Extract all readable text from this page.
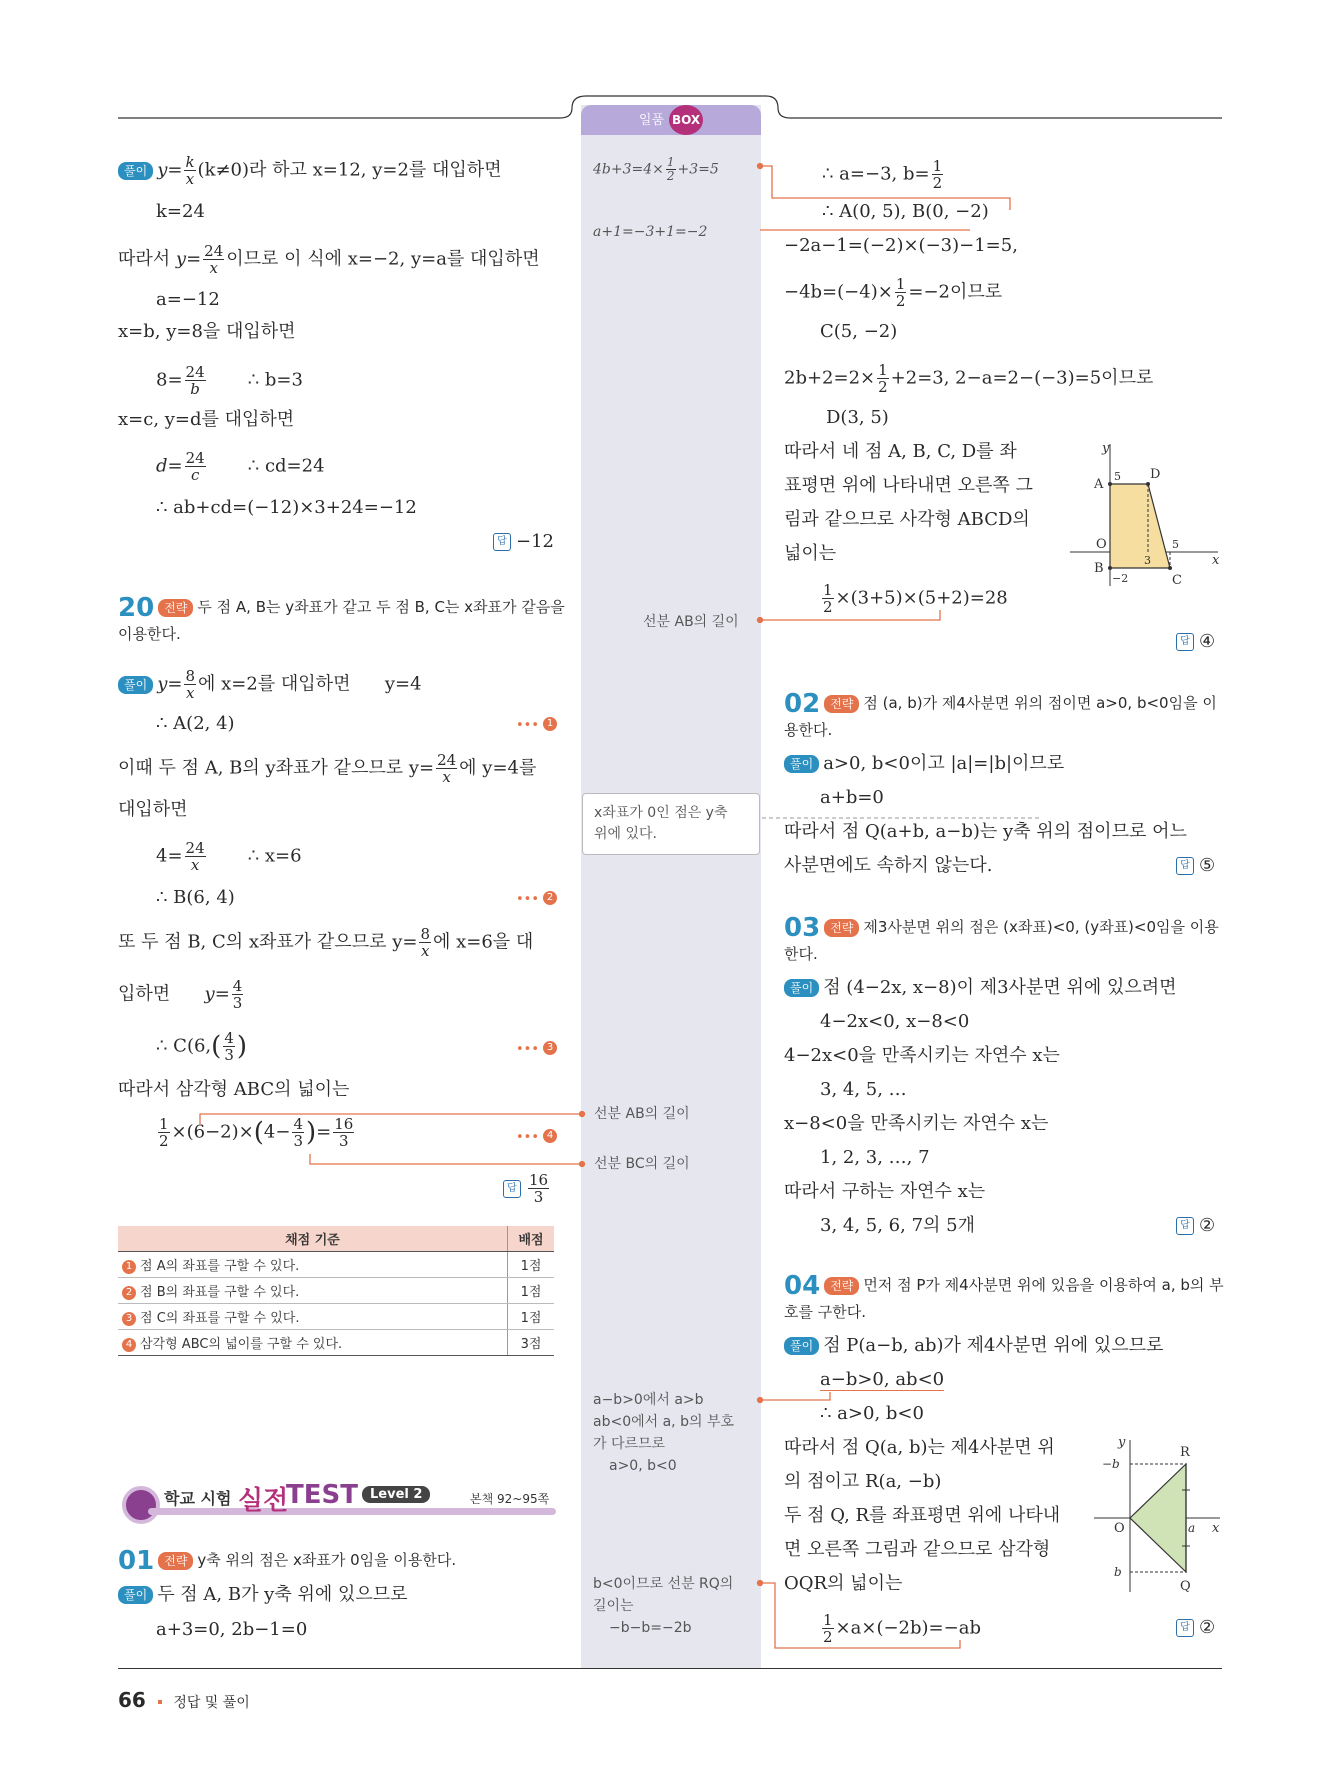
일품 BOX
$4b+3=4\times \frac{1}{2} +3=5$
a+1=−3+1=−2
선분 AB의 길이
x좌표가 0인 점은 y축
위에 있다.
선분 AB의 길이
선분 BC의 길이
a−b>0에서 a>b
ab<0에서 a, b의 부호
가 다르므로
a>0, b<0
b<0이므로 선분 RQ의
길이는
−b−b=−2b
풀이 $y= \frac{k}{x} (k\ne 0)$라 하고 x=12, y=2를 대입하면
k=24
따라서 $y= \frac{24}{x}$ 이므로 이 식에 x=−2, y=a를 대입하면
a=−12
x=b, y=8을 대입하면
$8= \frac{24}{b}$ ∴ b=3
x=c, y=d를 대입하면
$d= \frac{24}{c}$ ∴ cd=24
∴ ab+cd=(−12)×3+24=−12
답 −12
20 전략 두 점 A, B는 y좌표가 같고 두 점 B, C는 x좌표가 같음을 이용한다.
풀이 $y= \frac{8}{x}$ 에 x=2를 대입하면 y=4
∴ A(2, 4)	••• 1
이때 두 점 A, B의 y좌표가 같으므로 $y= \frac{24}{x}$ 에 y=4를
대입하면
$4= \frac{24}{x}$ ∴ x=6
∴ B(6, 4)	••• 2
또 두 점 B, C의 x좌표가 같으므로 $y= \frac{8}{x}$ 에 x=6을 대
입하면 $y= \frac{4}{3}$
∴ $C(6,( \frac{4}{3}$ )	••• 3
따라서 삼각형 ABC의 넓이는
$\frac{1}{2} \times(6-2)\times(4- \frac{4}{3}$ )= $\frac{16}{3}$	••• 4
답 $\frac{16}{3}$
채점 기준	배점
1 점 A의 좌표를 구할 수 있다.	1점
2 점 B의 좌표를 구할 수 있다.	1점
3 점 C의 좌표를 구할 수 있다.	1점
4 삼각형 ABC의 넓이를 구할 수 있다.	3점
학교 시험 실전
TEST Level 2	본책 92~95쪽
01 전략 y축 위의 점은 x좌표가 0임을 이용한다.
풀이 두 점 A, B가 y축 위에 있으므로
a+3=0, 2b−1=0
∴ a=−3, $b= \frac{1}{2}$
∴ A(0, 5), B(0, −2)
−2a−1=(−2)×(−3)−1=5,
$-4b=(-4)\times \frac{1}{2} =-2$이므로
C(5, −2)
$2b+2=2\times \frac{1}{2} +2=3$, 2−a=2−(−3)=5이므로
D(3, 5)
따라서 네 점 A, B, C, D를 좌
표평면 위에 나타내면 오른쪽 그
림과 같으므로 사각형 ABCD의
넓이는
$\frac{1}{2} \times(3+5)\times(5+2)=28$
답 ④
y
A
5 D
O	5
3	x
B
−2	C
02 전략 점 (a, b)가 제4사분면 위의 점이면 a>0, b<0임을 이용한다.
풀이 a>0, b<0이고 |a|=|b|이므로
a+b=0
따라서 점 Q(a+b, a−b)는 y축 위의 점이므로 어느
사분면에도 속하지 않는다.	답 ⑤
03 전략 제3사분면 위의 점은 (x좌표)<0, (y좌표)<0임을 이용한다.
풀이 점 (4−2x, x−8)이 제3사분면 위에 있으려면
4−2x<0, x−8<0
4−2x<0을 만족시키는 자연수 x는
3, 4, 5, …
x−8<0을 만족시키는 자연수 x는
1, 2, 3, …, 7
따라서 구하는 자연수 x는
3, 4, 5, 6, 7의 5개	답 ②
04 전략 먼저 점 P가 제4사분면 위에 있음을 이용하여 a, b의 부호를 구한다.
풀이 점 P(a−b, ab)가 제4사분면 위에 있으므로
a−b>0, ab<0
∴ a>0, b<0
따라서 점 Q(a, b)는 제4사분면 위
의 점이고 R(a, −b)
두 점 Q, R를 좌표평면 위에 나타내
면 오른쪽 그림과 같으므로 삼각형
OQR의 넓이는
$\frac{1}{2} \times a\times(-2b)=-ab$	답 ②
y
R
−b
O	a x
b
Q
66 정답 및 풀이
